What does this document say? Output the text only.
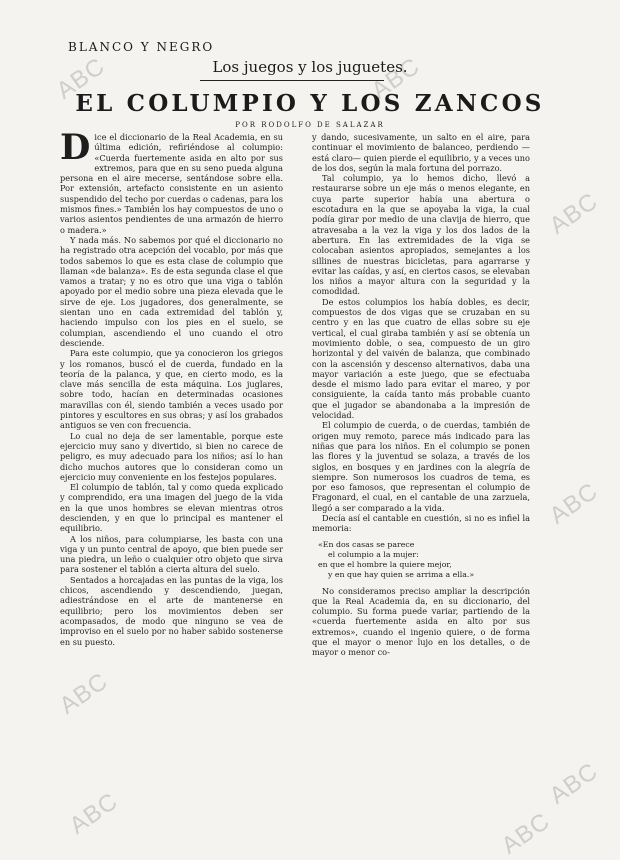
BLANCO Y NEGRO
Los juegos y los juguetes.
EL COLUMPIO Y LOS ZANCOS
POR RODOLFO DE SALAZAR

Dice el diccionario de la Real Academia, en su última edición, refiriéndose al columpio: «Cuerda fuertemente asida en alto por sus extremos, para que en su seno pueda alguna persona en el aire mecerse, sentándose sobre ella. Por extensión, artefacto consistente en un asiento suspendido del techo por cuerdas o cadenas, para los mismos fines.» También los hay compuestos de uno o varios asientos pendientes de una armazón de hierro o madera.»

Y nada más. No sabemos por qué el diccionario no ha registrado otra acepción del vocablo, por más que todos sabemos lo que es esta clase de columpio que llaman «de balanza». Es de esta segunda clase el que vamos a tratar; y no es otro que una viga o tablón apoyado por el medio sobre una pieza elevada que le sirve de eje. Los jugadores, dos generalmente, se sientan uno en cada extremidad del tablón y, haciendo impulso con los pies en el suelo, se columpian, ascendiendo el uno cuando el otro desciende.

Para este columpio, que ya conocieron los griegos y los romanos, buscó el de cuerda, fundado en la teoría de la palanca, y que, en cierto modo, es la clave más sencilla de esta máquina. Los juglares, sobre todo, hacían en determinadas ocasiones maravillas con él, siendo también a veces usado por pintores y escultores en sus obras; y así los grabados antiguos se ven con frecuencia.

Lo cual no deja de ser lamentable, porque este ejercicio muy sano y divertido, si bien no carece de peligro, es muy adecuado para los niños; así lo han dicho muchos autores que lo consideran como un ejercicio muy conveniente en los festejos populares.

El columpio de tablón, tal y como queda explicado y comprendido, era una imagen del juego de la vida en la que unos hombres se elevan mientras otros descienden, y en que lo principal es mantener el equilibrio.

A los niños, para columpiarse, les basta con una viga y un punto central de apoyo, que bien puede ser una piedra, un leño o cualquier otro objeto que sirva para sostener el tablón a cierta altura del suelo.

Sentados a horcajadas en las puntas de la viga, los chicos, ascendiendo y descendiendo, juegan, adiestrándose en el arte de mantenerse en equilibrio; pero los movimientos deben ser acompasados, de modo que ninguno se vea de improviso en el suelo por no haber sabido sostenerse en su puesto.

y dando, sucesivamente, un salto en el aire, para continuar el movimiento de balanceo, perdiendo —está claro— quien pierde el equilibrio, y a veces uno de los dos, según la mala fortuna del porrazo.

Tal columpio, ya lo hemos dicho, llevó a restaurarse sobre un eje más o menos elegante, en cuya parte superior había una abertura o escotadura en la que se apoyaba la viga, la cual podía girar por medio de una clavija de hierro, que atravesaba a la vez la viga y los dos lados de la abertura. En las extremidades de la viga se colocaban asientos apropiados, semejantes a los sillines de nuestras bicicletas, para agarrarse y evitar las caídas, y así, en ciertos casos, se elevaban los niños a mayor altura con la seguridad y la comodidad.

De estos columpios los había dobles, es decir, compuestos de dos vigas que se cruzaban en su centro y en las que cuatro de ellas sobre su eje vertical, el cual giraba también y así se obtenía un movimiento doble, o sea, compuesto de un giro horizontal y del vaivén de balanza, que combinado con la ascensión y descenso alternativos, daba una mayor variación a este juego, que se efectuaba desde el mismo lado para evitar el mareo, y por consiguiente, la caída tanto más probable cuanto que el jugador se abandonaba a la impresión de velocidad.

El columpio de cuerda, o de cuerdas, también de origen muy remoto, parece más indicado para las niñas que para los niños. En el columpio se ponen las flores y la juventud se solaza, a través de los siglos, en bosques y en jardines con la alegría de siempre. Son numerosos los cuadros de tema, es por eso famosos, que representan el columpio de Fragonard, el cual, en el cantable de una zarzuela, llegó a ser comparado a la vida.

Decía así el cantable en cuestión, si no es infiel la memoria:

«En dos casas se parece
el columpio a la mujer:
en que el hombre la quiere mejor,
y en que hay quien se arrima a ella.»

No consideramos preciso ampliar la descripción que la Real Academia da, en su diccionario, del columpio. Su forma puede variar, partiendo de la «cuerda fuertemente asida en alto por sus extremos», cuando el ingenio quiere, o de forma que el mayor o menor lujo en los detalles, o de mayor o menor co-

ABC	ABC
ABC
ABC
ABC
ABC
ABC	ABC
